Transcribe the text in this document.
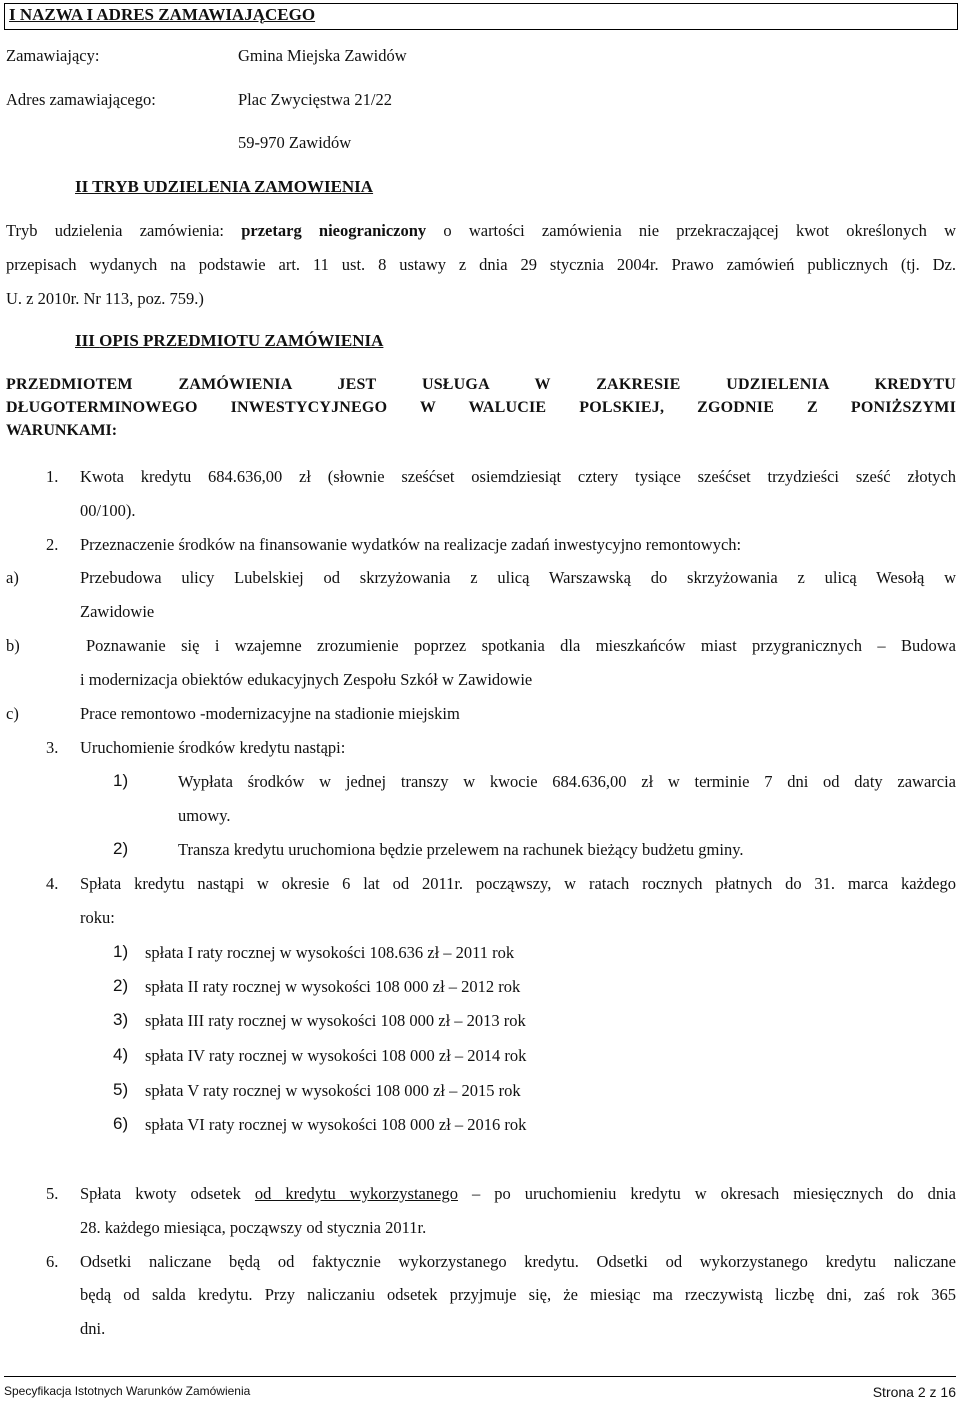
I NAZWA I ADRES ZAMAWIAJĄCEGO
Zamawiający:	Gmina Miejska Zawidów
Adres zamawiającego:	Plac Zwycięstwa 21/22
59-970 Zawidów
II TRYB UDZIELENIA ZAMOWIENIA
Tryb udzielenia zamówienia: przetarg nieograniczony o wartości zamówienia nie przekraczającej kwot określonych w
przepisach wydanych na podstawie art. 11 ust. 8 ustawy z dnia 29 stycznia 2004r. Prawo zamówień publicznych (tj. Dz.
U. z 2010r. Nr 113, poz. 759.)
III OPIS PRZEDMIOTU ZAMÓWIENIA
PRZEDMIOTEM ZAMÓWIENIA JEST USŁUGA W ZAKRESIE UDZIELENIA KREDYTU
DŁUGOTERMINOWEGO INWESTYCYJNEGO W WALUCIE POLSKIEJ, ZGODNIE Z PONIŻSZYMI
WARUNKAMI:
1. Kwota kredytu 684.636,00 zł (słownie sześćset osiemdziesiąt cztery tysiące sześćset trzydzieści sześć złotych
00/100).
2. Przeznaczenie środków na finansowanie wydatków na realizacje zadań inwestycyjno remontowych:
a)	Przebudowa ulicy Lubelskiej od skrzyżowania z ulicą Warszawską do skrzyżowania z ulicą Wesołą w
Zawidowie
b)	Poznawanie się i wzajemne zrozumienie poprzez spotkania dla mieszkańców miast przygranicznych – Budowa
i modernizacja obiektów edukacyjnych Zespołu Szkół w Zawidowie
c)	Prace remontowo -modernizacyjne na stadionie miejskim
3. Uruchomienie środków kredytu nastąpi:
1)	Wypłata środków w jednej transzy w kwocie 684.636,00 zł w terminie 7 dni od daty zawarcia
umowy.
2)	Transza kredytu uruchomiona będzie przelewem na rachunek bieżący budżetu gminy.
4. Spłata kredytu nastąpi w okresie 6 lat od 2011r. począwszy, w ratach rocznych płatnych do 31. marca każdego
roku:
1) spłata I raty rocznej w wysokości 108.636 zł – 2011 rok
2) spłata II raty rocznej w wysokości 108 000 zł – 2012 rok
3) spłata III raty rocznej w wysokości 108 000 zł – 2013 rok
4) spłata IV raty rocznej w wysokości 108 000 zł – 2014 rok
5) spłata V raty rocznej w wysokości 108 000 zł – 2015 rok
6) spłata VI raty rocznej w wysokości 108 000 zł – 2016 rok
5. Spłata kwoty odsetek od kredytu wykorzystanego – po uruchomieniu kredytu w okresach miesięcznych do dnia
28. każdego miesiąca, począwszy od stycznia 2011r.
6. Odsetki naliczane będą od faktycznie wykorzystanego kredytu. Odsetki od wykorzystanego kredytu naliczane
będą od salda kredytu. Przy naliczaniu odsetek przyjmuje się, że miesiąc ma rzeczywistą liczbę dni, zaś rok 365
dni.
Specyfikacja Istotnych Warunków Zamówienia	Strona 2 z 16
